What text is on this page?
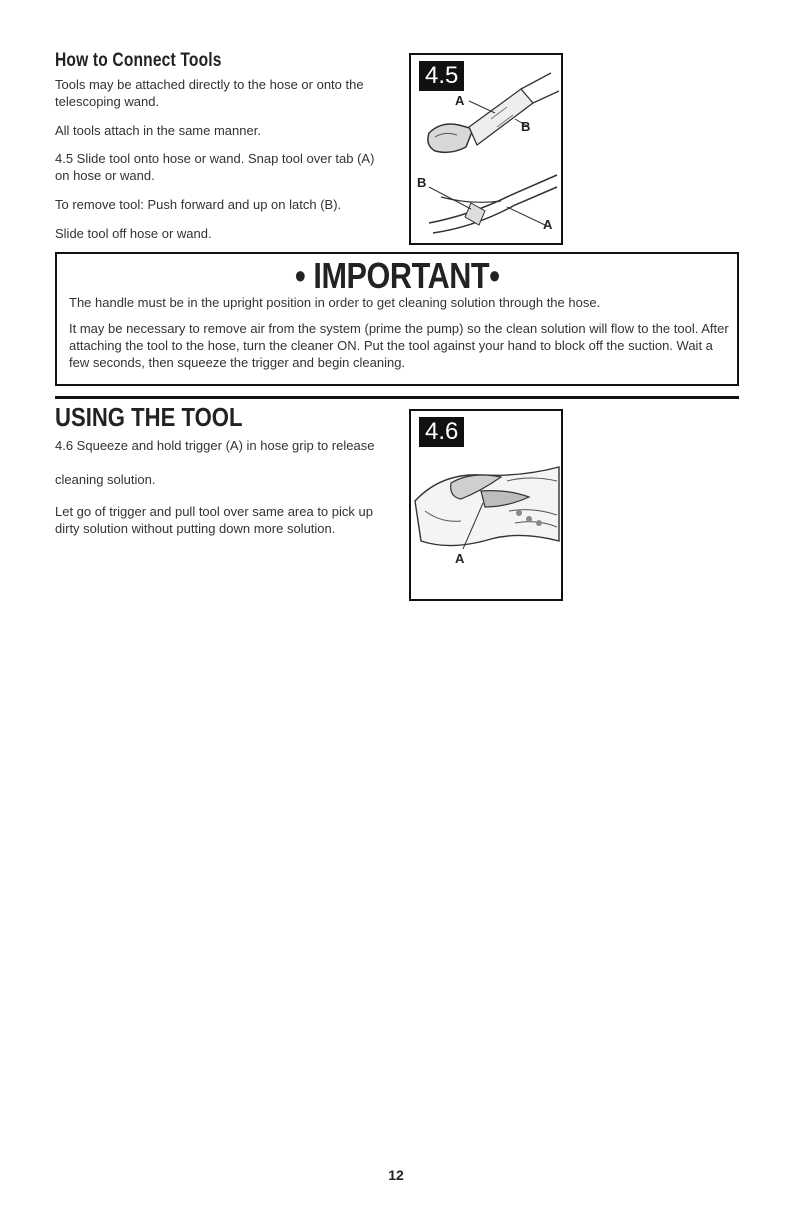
How to Connect Tools

Tools may be attached directly to the hose or onto the telescoping wand.

All tools attach in the same manner.

4.5 Slide tool onto hose or wand. Snap tool over tab (A) on hose or wand.

To remove tool: Push forward and up on latch (B).

Slide tool off hose or wand.

4.5
A
B
B
A
• IMPORTANT•

The handle must be in the upright position in order to get cleaning solution through the hose.

It may be necessary to remove air from the system (prime the pump) so the clean solution will flow to the tool. After attaching the tool to the hose, turn the cleaner ON. Put the tool against your hand to block off the suction. Wait a few seconds, then squeeze the trigger and begin cleaning.

USING THE TOOL

4.6 Squeeze and hold trigger (A) in hose grip to release

cleaning solution.

Let go of trigger and pull tool over same area to pick up dirty solution without putting down more solution.

4.6
A
12
